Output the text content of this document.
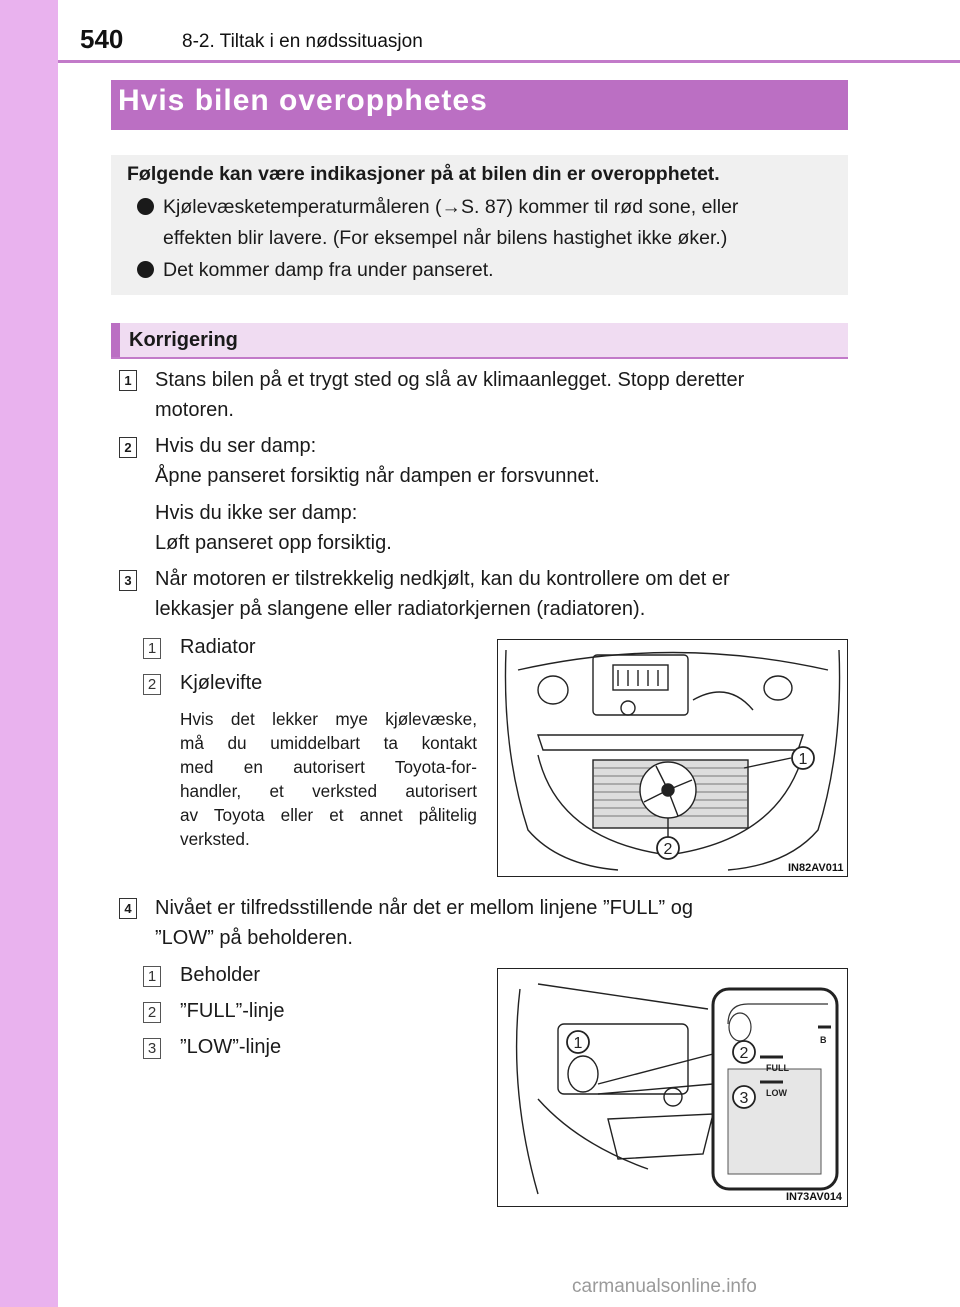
540	8-2. Tiltak i en nødssituasjon
Hvis bilen overopphetes
Følgende kan være indikasjoner på at bilen din er overopphetet.
Kjølevæsketemperaturmåleren (→S. 87) kommer til rød sone, eller
effekten blir lavere. (For eksempel når bilens hastighet ikke øker.)
Det kommer damp fra under panseret.
Korrigering
1 Stans bilen på et trygt sted og slå av klimaanlegget. Stopp deretter
motoren.
2 Hvis du ser damp:
Åpne panseret forsiktig når dampen er forsvunnet.
Hvis du ikke ser damp:
Løft panseret opp forsiktig.
3 Når motoren er tilstrekkelig nedkjølt, kan du kontrollere om det er
lekkasjer på slangene eller radiatorkjernen (radiatoren).
1 Radiator
2 Kjølevifte
Hvis det lekker mye kjølevæske,
må du umiddelbart ta kontakt
med en autorisert Toyota-for-
handler, et verksted autorisert
av Toyota eller et annet pålitelig
verksted.
1
2
IN82AV011
4 Nivået er tilfredsstillende når det er mellom linjene ”FULL” og
”LOW” på beholderen.
1 Beholder
2 ”FULL”-linje
3 ”LOW”-linje
FULL
LOW
B
1
2
3
IN73AV014
carmanualsonline.info
